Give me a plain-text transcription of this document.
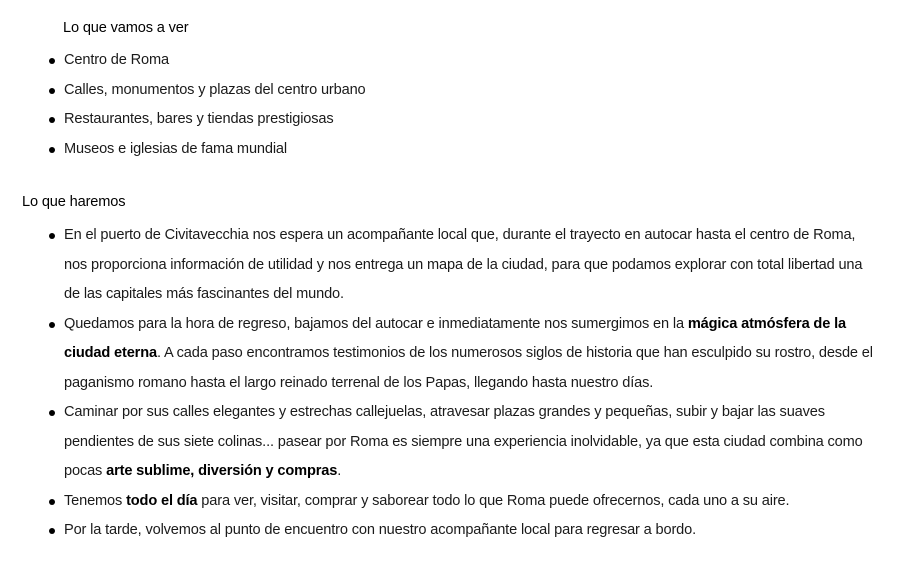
Lo que vamos a ver
Centro de Roma
Calles, monumentos y plazas del centro urbano
Restaurantes, bares y tiendas prestigiosas
Museos e iglesias de fama mundial
Lo que haremos
En el puerto de Civitavecchia nos espera un acompañante local que, durante el trayecto en autocar hasta el centro de Roma, nos proporciona información de utilidad y nos entrega un mapa de la ciudad, para que podamos explorar con total libertad una de las capitales más fascinantes del mundo.
Quedamos para la hora de regreso, bajamos del autocar e inmediatamente nos sumergimos en la mágica atmósfera de la ciudad eterna. A cada paso encontramos testimonios de los numerosos siglos de historia que han esculpido su rostro, desde el paganismo romano hasta el largo reinado terrenal de los Papas, llegando hasta nuestro días.
Caminar por sus calles elegantes y estrechas callejuelas, atravesar plazas grandes y pequeñas, subir y bajar las suaves pendientes de sus siete colinas... pasear por Roma es siempre una experiencia inolvidable, ya que esta ciudad combina como pocas arte sublime, diversión y compras.
Tenemos todo el día para ver, visitar, comprar y saborear todo lo que Roma puede ofrecernos, cada uno a su aire.
Por la tarde, volvemos al punto de encuentro con nuestro acompañante local para regresar a bordo.
